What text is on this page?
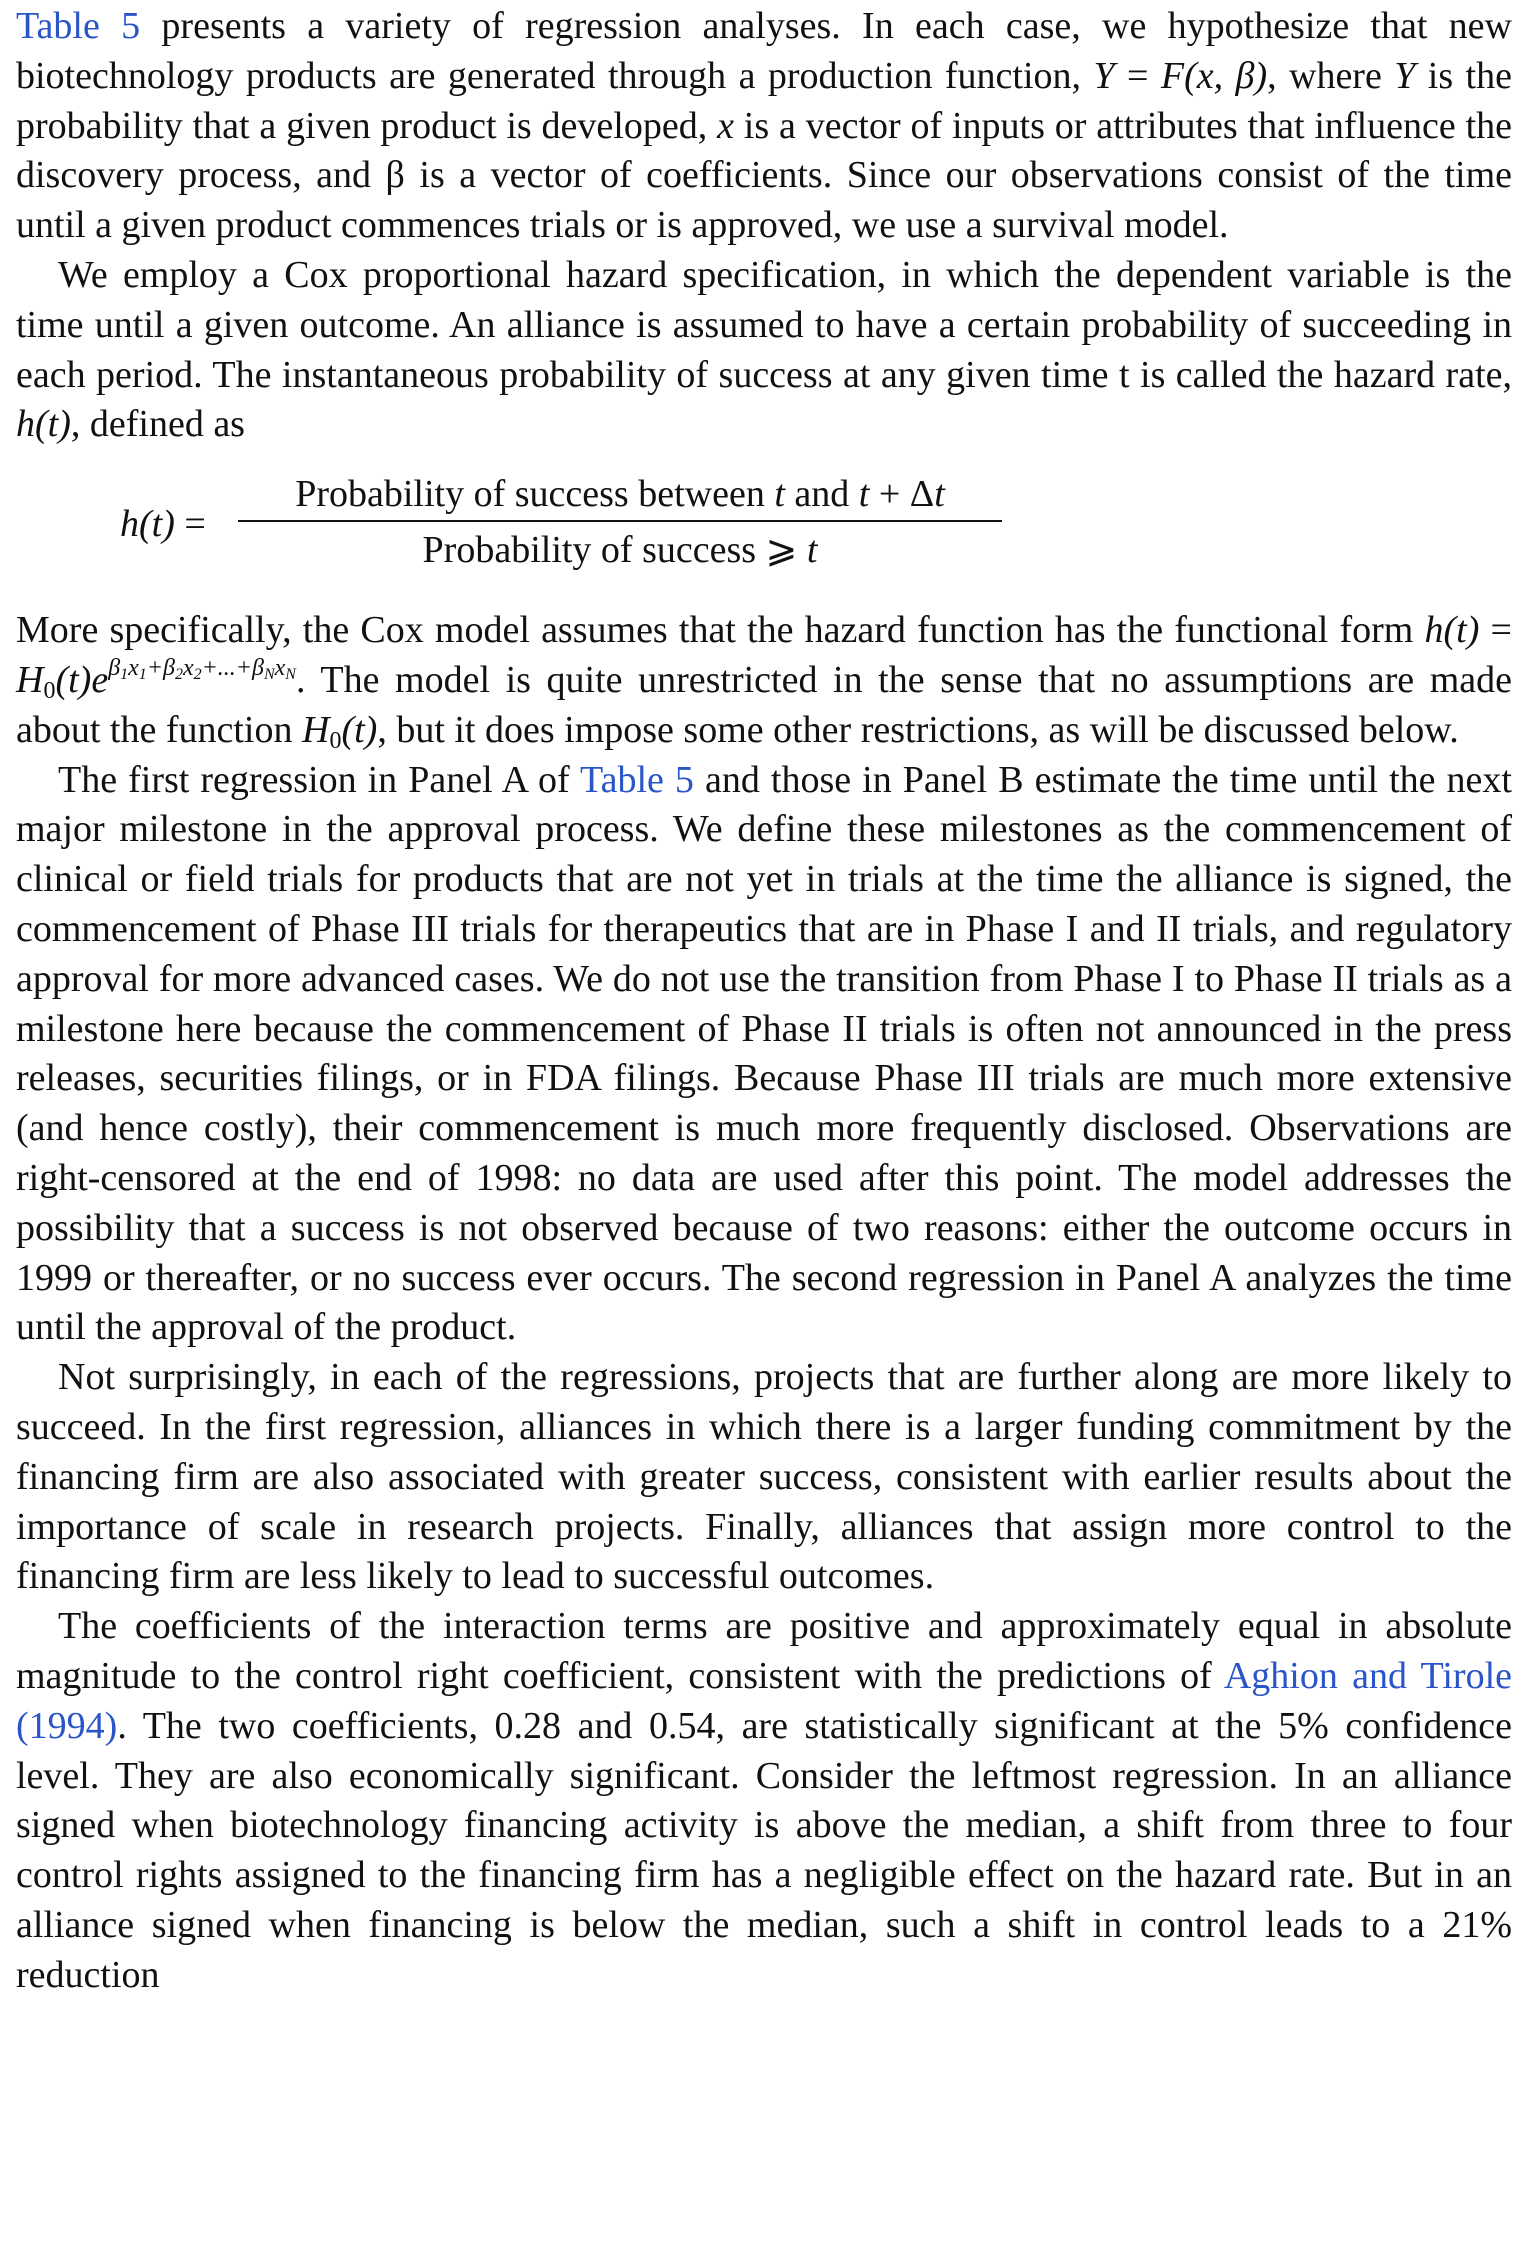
Table 5 presents a variety of regression analyses. In each case, we hypothesize that new biotechnology products are generated through a production function, Y = F(x, β), where Y is the probability that a given product is developed, x is a vector of inputs or attributes that influence the discovery process, and β is a vector of coefficients. Since our observations consist of the time until a given product commences trials or is approved, we use a survival model.

We employ a Cox proportional hazard specification, in which the dependent variable is the time until a given outcome. An alliance is assumed to have a certain probability of succeeding in each period. The instantaneous probability of success at any given time t is called the hazard rate, h(t), defined as

h(t) =
Probability of success between t and t + Δt
Probability of success ⩾ t

More specifically, the Cox model assumes that the hazard function has the functional form $h(t) = H_0(t)e^{\beta_1x_1+\beta_2x_2+...+\beta_Nx_N}$. The model is quite unrestricted in the sense that no assumptions are made about the function $H_0(t)$, but it does impose some other restrictions, as will be discussed below.

The first regression in Panel A of Table 5 and those in Panel B estimate the time until the next major milestone in the approval process. We define these milestones as the commencement of clinical or field trials for products that are not yet in trials at the time the alliance is signed, the commencement of Phase III trials for therapeutics that are in Phase I and II trials, and regulatory approval for more advanced cases. We do not use the transition from Phase I to Phase II trials as a milestone here because the commencement of Phase II trials is often not announced in the press releases, securities filings, or in FDA filings. Because Phase III trials are much more extensive (and hence costly), their commencement is much more frequently disclosed. Observations are right-censored at the end of 1998: no data are used after this point. The model addresses the possibility that a success is not observed because of two reasons: either the outcome occurs in 1999 or thereafter, or no success ever occurs. The second regression in Panel A analyzes the time until the approval of the product.

Not surprisingly, in each of the regressions, projects that are further along are more likely to succeed. In the first regression, alliances in which there is a larger funding commitment by the financing firm are also associated with greater success, consistent with earlier results about the importance of scale in research projects. Finally, alliances that assign more control to the financing firm are less likely to lead to successful outcomes.

The coefficients of the interaction terms are positive and approximately equal in absolute magnitude to the control right coefficient, consistent with the predictions of Aghion and Tirole (1994). The two coefficients, 0.28 and 0.54, are statistically significant at the 5% confidence level. They are also economically significant. Consider the leftmost regression. In an alliance signed when biotechnology financing activity is above the median, a shift from three to four control rights assigned to the financing firm has a negligible effect on the hazard rate. But in an alliance signed when financing is below the median, such a shift in control leads to a 21% reduction
